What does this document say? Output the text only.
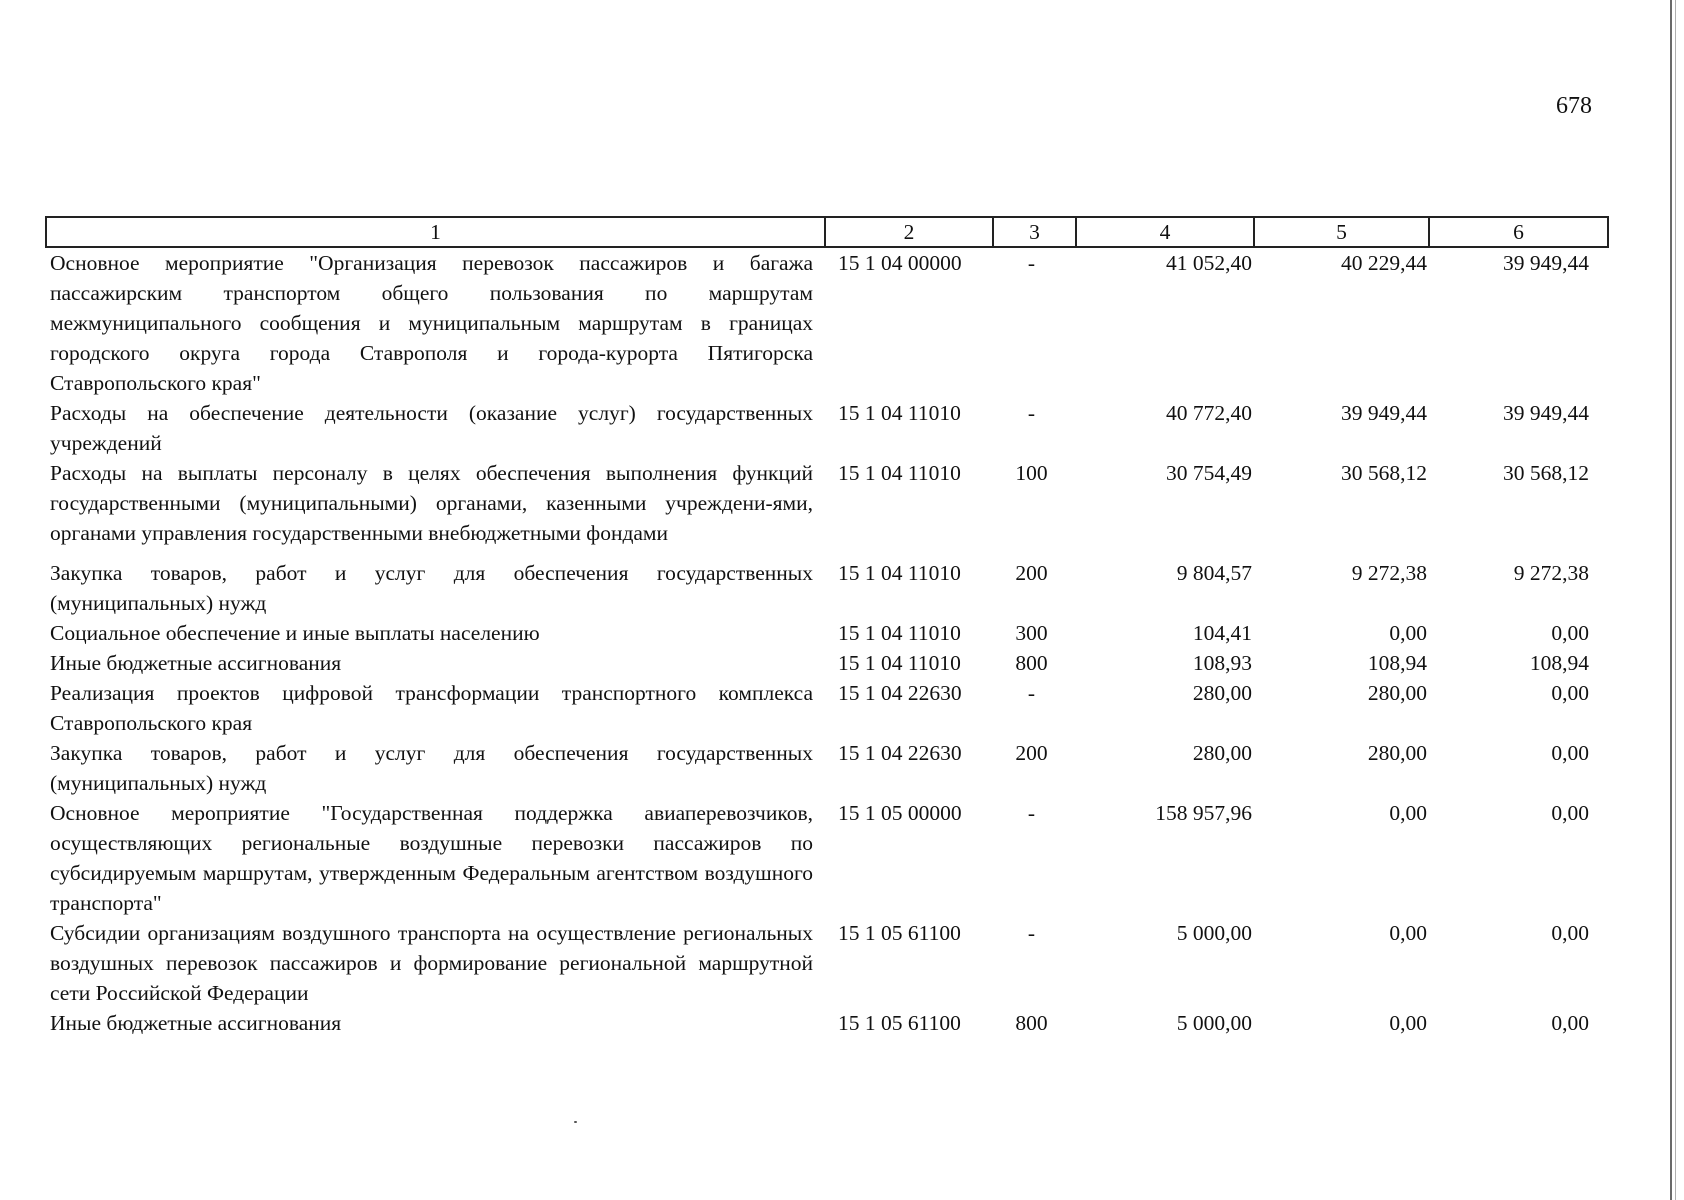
678
1	2	3	4	5	6
Основное мероприятие "Организация перевозок пассажиров и багажа пассажирским транспортом общего пользования по маршрутам межмуниципального сообщения и муниципальным маршрутам в границах городского округа города Ставрополя и города-курорта Пятигорска Ставропольского края"	15 1 04 00000	-	41 052,40	40 229,44	39 949,44
Расходы на обеспечение деятельности (оказание услуг) государственных учреждений	15 1 04 11010	-	40 772,40	39 949,44	39 949,44
Расходы на выплаты персоналу в целях обеспечения выполнения функций государственными (муниципальными) органами, казенными учреждени-ями, органами управления государственными внебюджетными фондами	15 1 04 11010	100	30 754,49	30 568,12	30 568,12
Закупка товаров, работ и услуг для обеспечения государственных (муниципальных) нужд	15 1 04 11010	200	9 804,57	9 272,38	9 272,38
Социальное обеспечение и иные выплаты населению	15 1 04 11010	300	104,41	0,00	0,00
Иные бюджетные ассигнования	15 1 04 11010	800	108,93	108,94	108,94
Реализация проектов цифровой трансформации транспортного комплекса Ставропольского края	15 1 04 22630	-	280,00	280,00	0,00
Закупка товаров, работ и услуг для обеспечения государственных (муниципальных) нужд	15 1 04 22630	200	280,00	280,00	0,00
Основное мероприятие "Государственная поддержка авиаперевозчиков, осуществляющих региональные воздушные перевозки пассажиров по субсидируемым маршрутам, утвержденным Федеральным агентством воздушного транспорта"	15 1 05 00000	-	158 957,96	0,00	0,00
Субсидии организациям воздушного транспорта на осуществление региональных воздушных перевозок пассажиров и формирование региональной маршрутной сети Российской Федерации	15 1 05 61100	-	5 000,00	0,00	0,00
Иные бюджетные ассигнования	15 1 05 61100	800	5 000,00	0,00	0,00
